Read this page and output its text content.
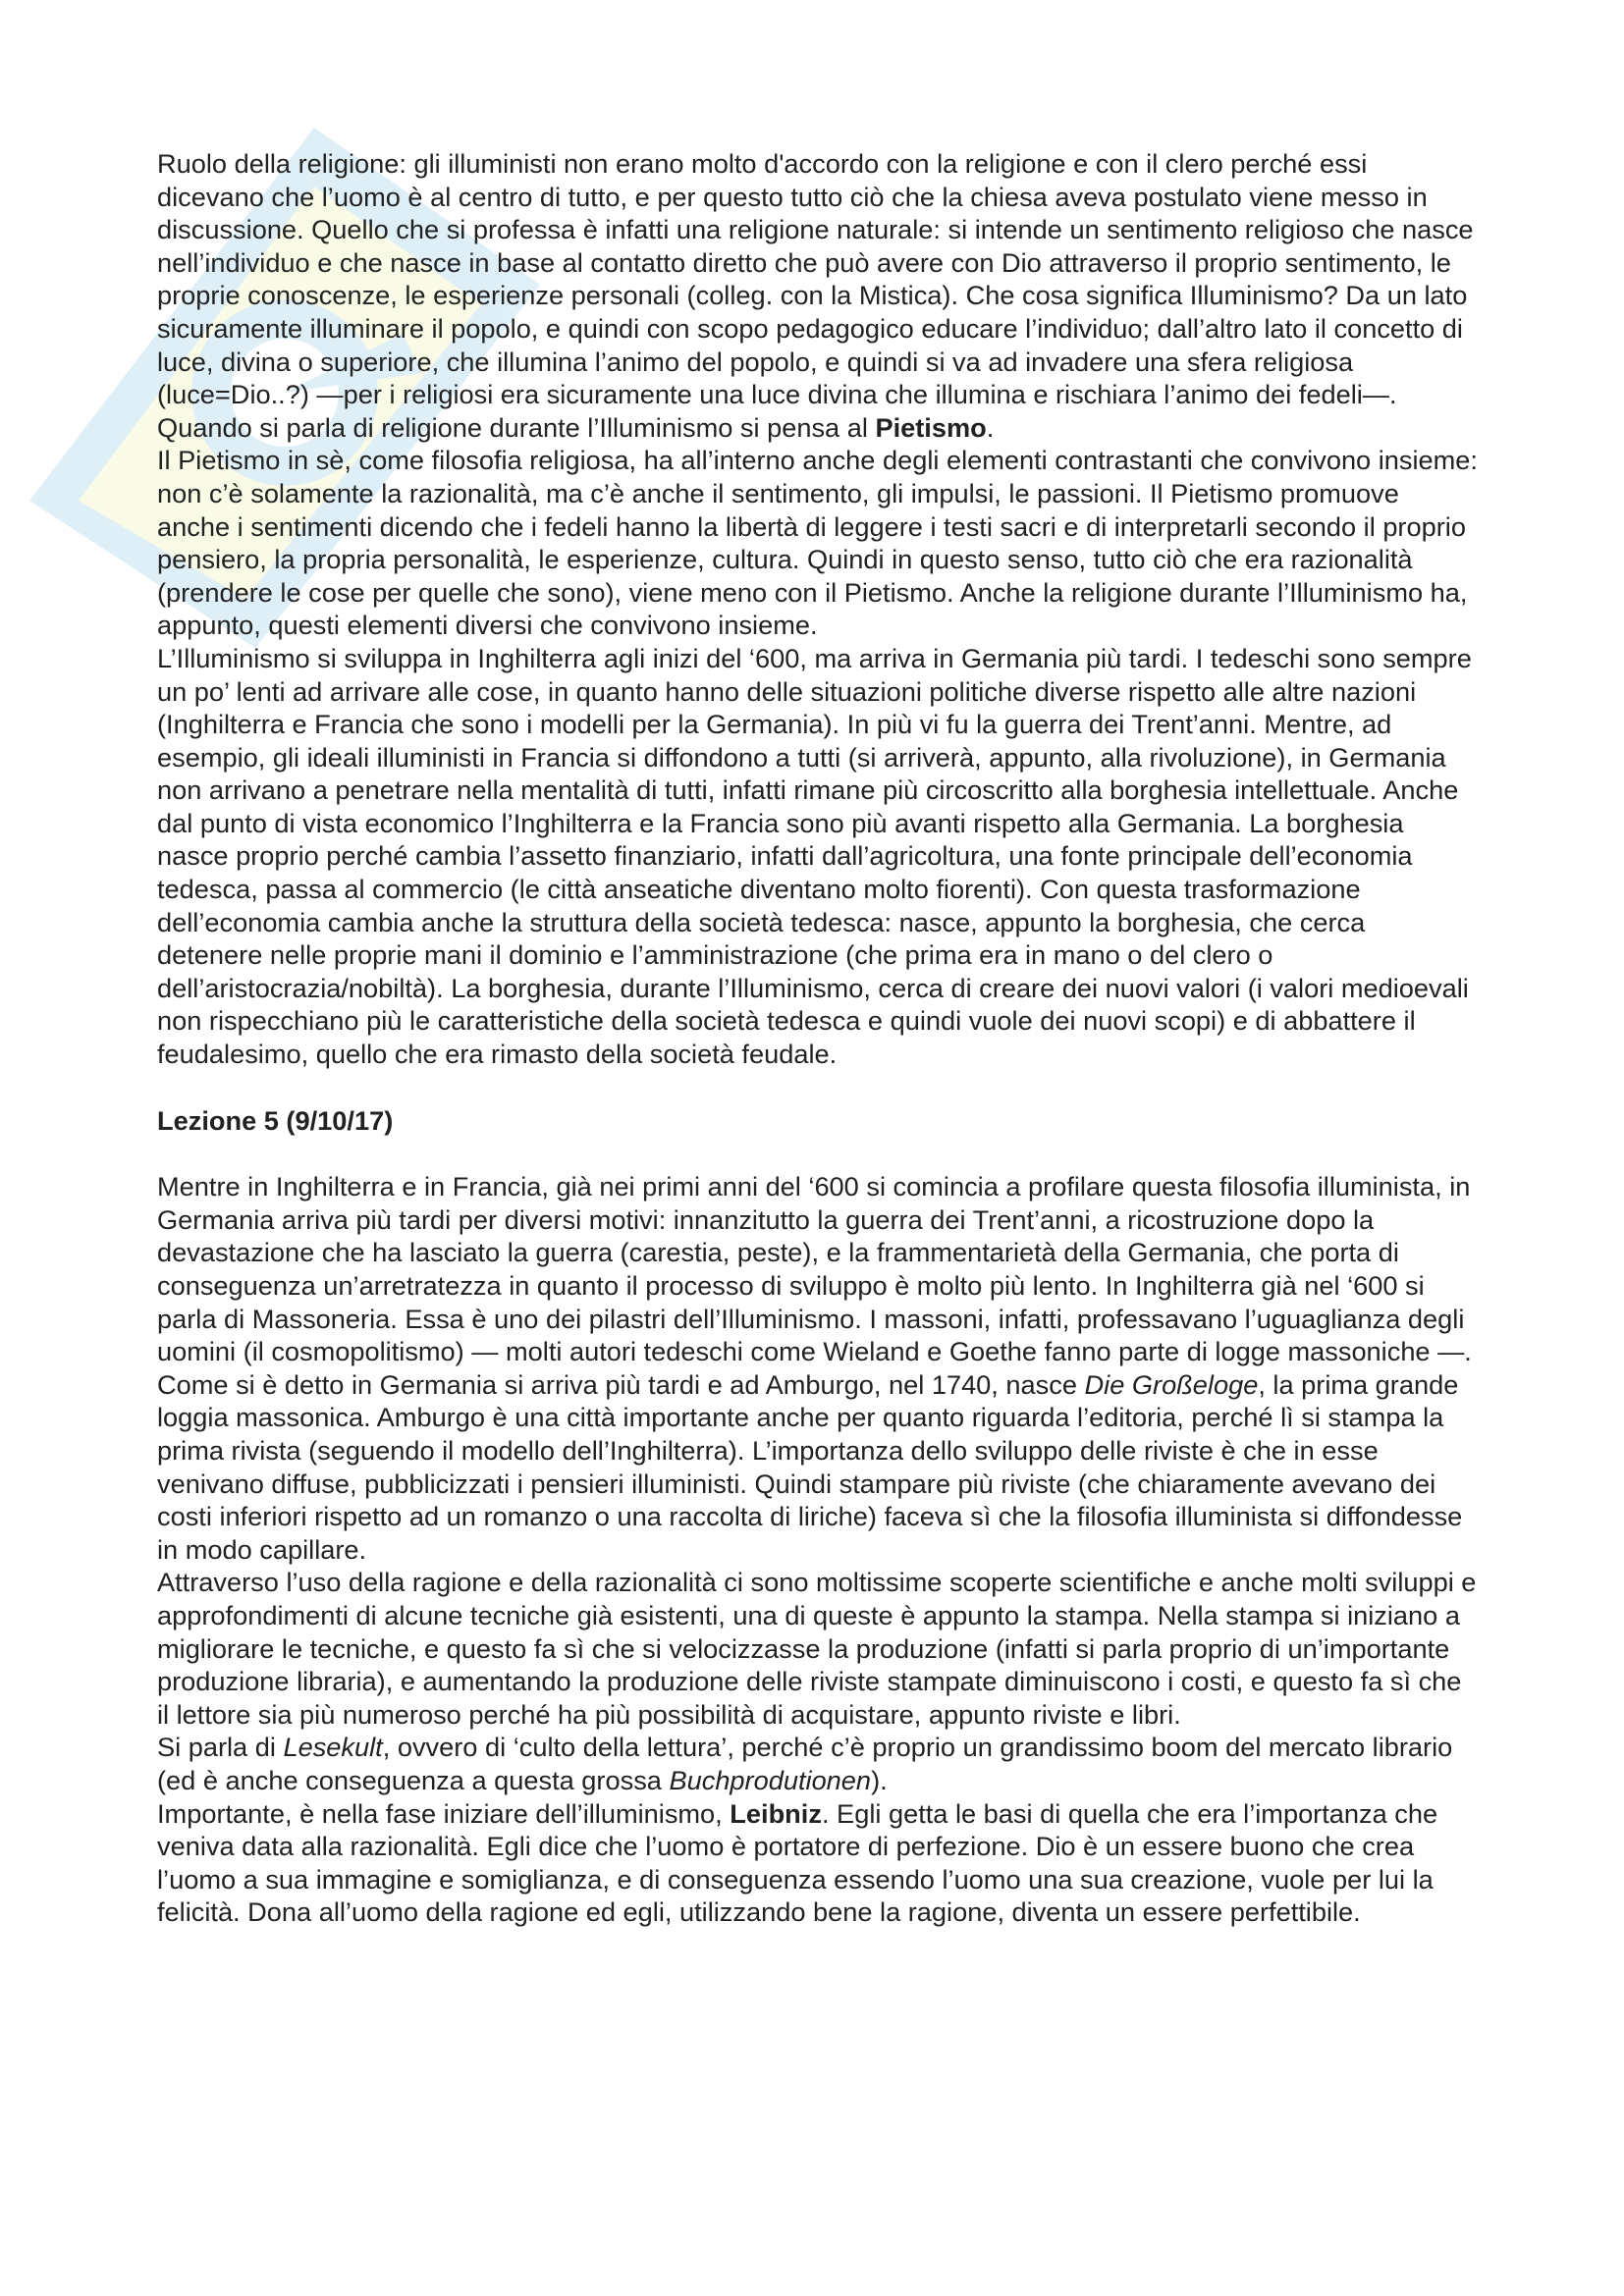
Ruolo della religione: gli illuministi non erano molto d'accordo con la religione e con il clero perché essi dicevano che l’uomo è al centro di tutto, e per questo tutto ciò che la chiesa aveva postulato viene messo in discussione. Quello che si professa è infatti una religione naturale: si intende un sentimento religioso che nasce nell’individuo e che nasce in base al contatto diretto che può avere con Dio attraverso il proprio sentimento, le proprie conoscenze, le esperienze personali (colleg. con la Mistica). Che cosa significa Illuminismo? Da un lato sicuramente illuminare il popolo, e quindi con scopo pedagogico educare l’individuo; dall’altro lato il concetto di luce, divina o superiore, che illumina l’animo del popolo, e quindi si va ad invadere una sfera religiosa (luce=Dio..?) —per i religiosi era sicuramente una luce divina che illumina e rischiara l’animo dei fedeli—. Quando si parla di religione durante l’Illuminismo si pensa al Pietismo.

Il Pietismo in sè, come filosofia religiosa, ha all’interno anche degli elementi contrastanti che convivono insieme: non c’è solamente la razionalità, ma c’è anche il sentimento, gli impulsi, le passioni. Il Pietismo promuove anche i sentimenti dicendo che i fedeli hanno la libertà di leggere i testi sacri e di interpretarli secondo il proprio pensiero, la propria personalità, le esperienze, cultura. Quindi in questo senso, tutto ciò che era razionalità (prendere le cose per quelle che sono), viene meno con il Pietismo. Anche la religione durante l’Illuminismo ha, appunto, questi elementi diversi che convivono insieme.

L’Illuminismo si sviluppa in Inghilterra agli inizi del ‘600, ma arriva in Germania più tardi. I tedeschi sono sempre un po’ lenti ad arrivare alle cose, in quanto hanno delle situazioni politiche diverse rispetto alle altre nazioni (Inghilterra e Francia che sono i modelli per la Germania). In più vi fu la guerra dei Trent’anni. Mentre, ad esempio, gli ideali illuministi in Francia si diffondono a tutti (si arriverà, appunto, alla rivoluzione), in Germania non arrivano a penetrare nella mentalità di tutti, infatti rimane più circoscritto alla borghesia intellettuale. Anche dal punto di vista economico l’Inghilterra e la Francia sono più avanti rispetto alla Germania. La borghesia nasce proprio perché cambia l’assetto finanziario, infatti dall’agricoltura, una fonte principale dell’economia tedesca, passa al commercio (le città anseatiche diventano molto fiorenti). Con questa trasformazione dell’economia cambia anche la struttura della società tedesca: nasce, appunto la borghesia, che cerca detenere nelle proprie mani il dominio e l’amministrazione (che prima era in mano o del clero o dell’aristocrazia/nobiltà). La borghesia, durante l’Illuminismo, cerca di creare dei nuovi valori (i valori medioevali non rispecchiano più le caratteristiche della società tedesca e quindi vuole dei nuovi scopi) e di abbattere il feudalesimo, quello che era rimasto della società feudale.

Lezione 5 (9/10/17)

Mentre in Inghilterra e in Francia, già nei primi anni del ‘600 si comincia a profilare questa filosofia illuminista, in Germania arriva più tardi per diversi motivi: innanzitutto la guerra dei Trent’anni, a ricostruzione dopo la devastazione che ha lasciato la guerra (carestia, peste), e la frammentarietà della Germania, che porta di conseguenza un’arretratezza in quanto il processo di sviluppo è molto più lento. In Inghilterra già nel ‘600 si parla di Massoneria. Essa è uno dei pilastri dell’Illuminismo. I massoni, infatti, professavano l’uguaglianza degli uomini (il cosmopolitismo) — molti autori tedeschi come Wieland e Goethe fanno parte di logge massoniche —.

Come si è detto in Germania si arriva più tardi e ad Amburgo, nel 1740, nasce Die Großeloge, la prima grande loggia massonica. Amburgo è una città importante anche per quanto riguarda l’editoria, perché lì si stampa la prima rivista (seguendo il modello dell’Inghilterra). L’importanza dello sviluppo delle riviste è che in esse venivano diffuse, pubblicizzati i pensieri illuministi. Quindi stampare più riviste (che chiaramente avevano dei costi inferiori rispetto ad un romanzo o una raccolta di liriche) faceva sì che la filosofia illuminista si diffondesse in modo capillare.

Attraverso l’uso della ragione e della razionalità ci sono moltissime scoperte scientifiche e anche molti sviluppi e approfondimenti di alcune tecniche già esistenti, una di queste è appunto la stampa. Nella stampa si iniziano a migliorare le tecniche, e questo fa sì che si velocizzasse la produzione (infatti si parla proprio di un’importante produzione libraria), e aumentando la produzione delle riviste stampate diminuiscono i costi, e questo fa sì che il lettore sia più numeroso perché ha più possibilità di acquistare, appunto riviste e libri.

Si parla di Lesekult, ovvero di ‘culto della lettura’, perché c’è proprio un grandissimo boom del mercato librario (ed è anche conseguenza a questa grossa Buchprodutionen).

Importante, è nella fase iniziare dell’illuminismo, Leibniz. Egli getta le basi di quella che era l’importanza che veniva data alla razionalità. Egli dice che l’uomo è portatore di perfezione. Dio è un essere buono che crea l’uomo a sua immagine e somiglianza, e di conseguenza essendo l’uomo una sua creazione, vuole per lui la felicità. Dona all’uomo della ragione ed egli, utilizzando bene la ragione, diventa un essere perfettibile.
